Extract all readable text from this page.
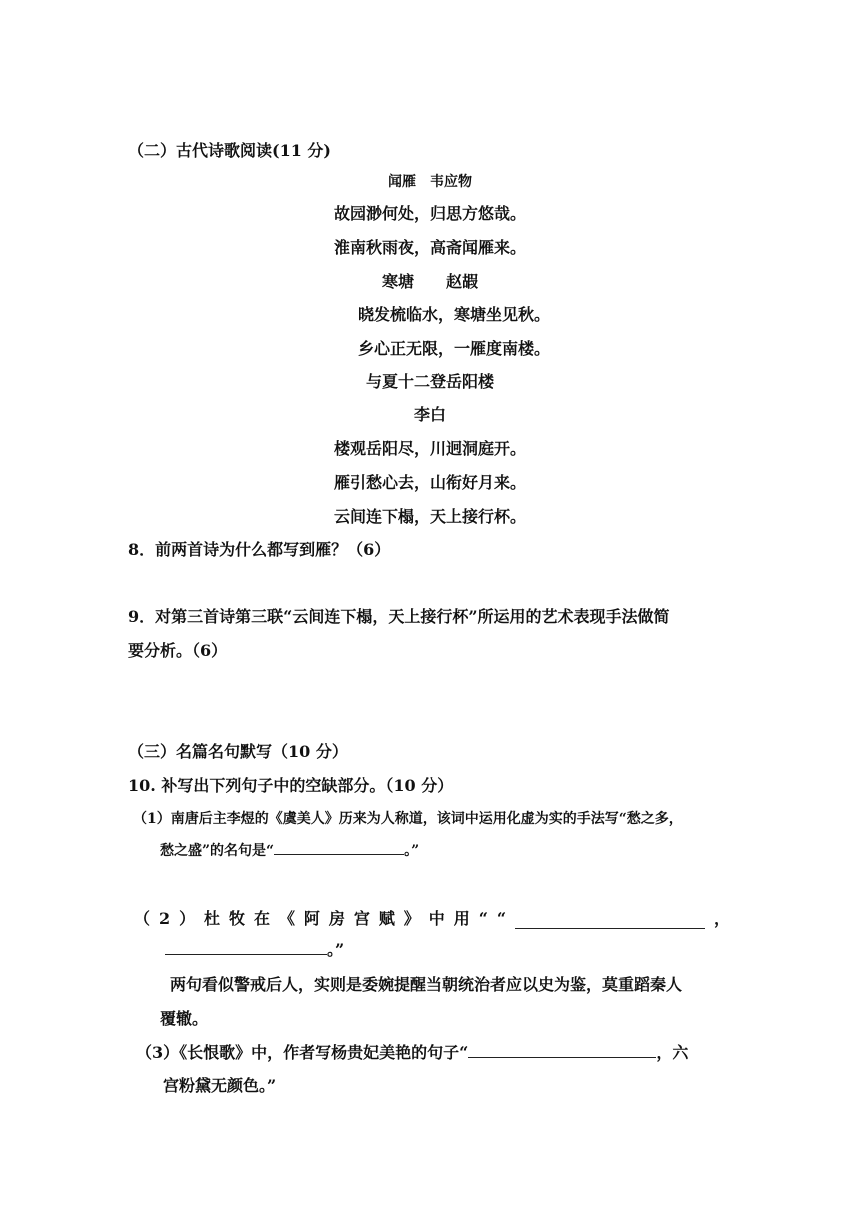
（二）古代诗歌阅读(11 分)
闻雁　韦应物
故园渺何处，归思方悠哉。
淮南秋雨夜，高斋闻雁来。
寒塘　　赵嘏
晓发梳临水，寒塘坐见秋。
乡心正无限，一雁度南楼。
与夏十二登岳阳楼
李白
楼观岳阳尽，川迥洞庭开。
雁引愁心去，山衔好月来。
云间连下榻，天上接行杯。
8．前两首诗为什么都写到雁？（6）
9．对第三首诗第三联“云间连下榻，天上接行杯”所运用的艺术表现手法做简
要分析。（6）
（三）名篇名句默写（10 分）
10. 补写出下列句子中的空缺部分。（10 分）
（1）南唐后主李煜的《虞美人》历来为人称道，该词中运用化虚为实的手法写“愁之多，
愁之盛”的名句是“	。”
（ 2 ） 杜 牧 在 《 阿 房 宫 赋 》 中 用 “ “	，
。”
两句看似警戒后人，实则是委婉提醒当朝统治者应以史为鉴，莫重蹈秦人
覆辙。
（3）《长恨歌》中，作者写杨贵妃美艳的句子“	，六
宫粉黛无颜色。”
